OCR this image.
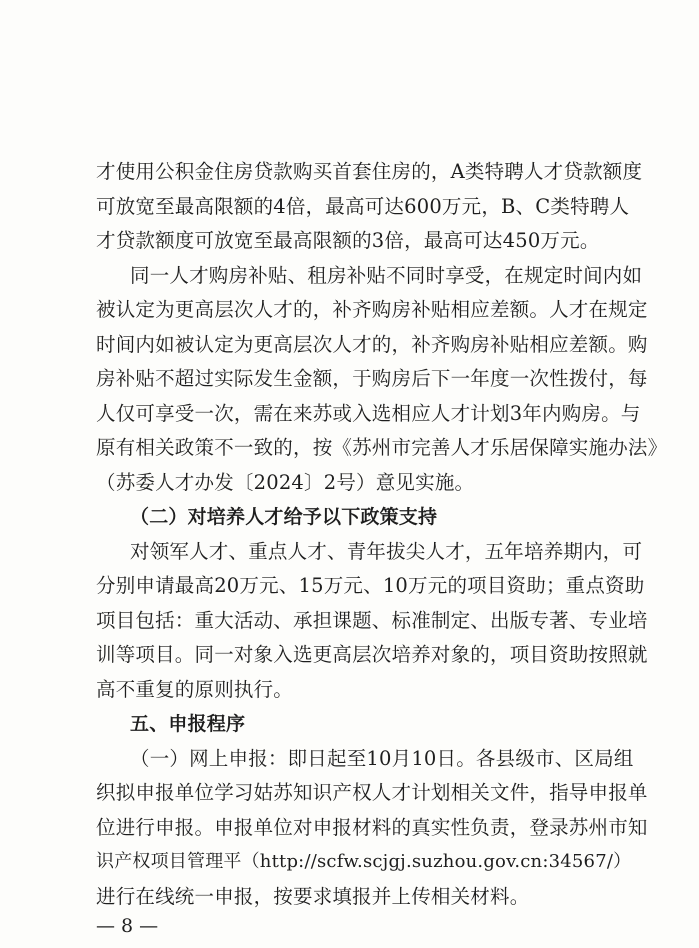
才使用公积金住房贷款购买首套住房的，A类特聘人才贷款额度
可放宽至最高限额的4倍，最高可达600万元，B、C类特聘人
才贷款额度可放宽至最高限额的3倍，最高可达450万元。
同一人才购房补贴、租房补贴不同时享受，在规定时间内如
被认定为更高层次人才的，补齐购房补贴相应差额。人才在规定
时间内如被认定为更高层次人才的，补齐购房补贴相应差额。购
房补贴不超过实际发生金额，于购房后下一年度一次性拨付，每
人仅可享受一次，需在来苏或入选相应人才计划3年内购房。与
原有相关政策不一致的，按《苏州市完善人才乐居保障实施办法》
（苏委人才办发〔2024〕2号）意见实施。
（二）对培养人才给予以下政策支持
对领军人才、重点人才、青年拔尖人才，五年培养期内，可
分别申请最高20万元、15万元、10万元的项目资助；重点资助
项目包括：重大活动、承担课题、标准制定、出版专著、专业培
训等项目。同一对象入选更高层次培养对象的，项目资助按照就
高不重复的原则执行。
五、申报程序
（一）网上申报：即日起至10月10日。各县级市、区局组
织拟申报单位学习姑苏知识产权人才计划相关文件，指导申报单
位进行申报。申报单位对申报材料的真实性负责，登录苏州市知
识产权项目管理平（http://scfw.scjgj.suzhou.gov.cn:34567/）
进行在线统一申报，按要求填报并上传相关材料。
— 8 —
